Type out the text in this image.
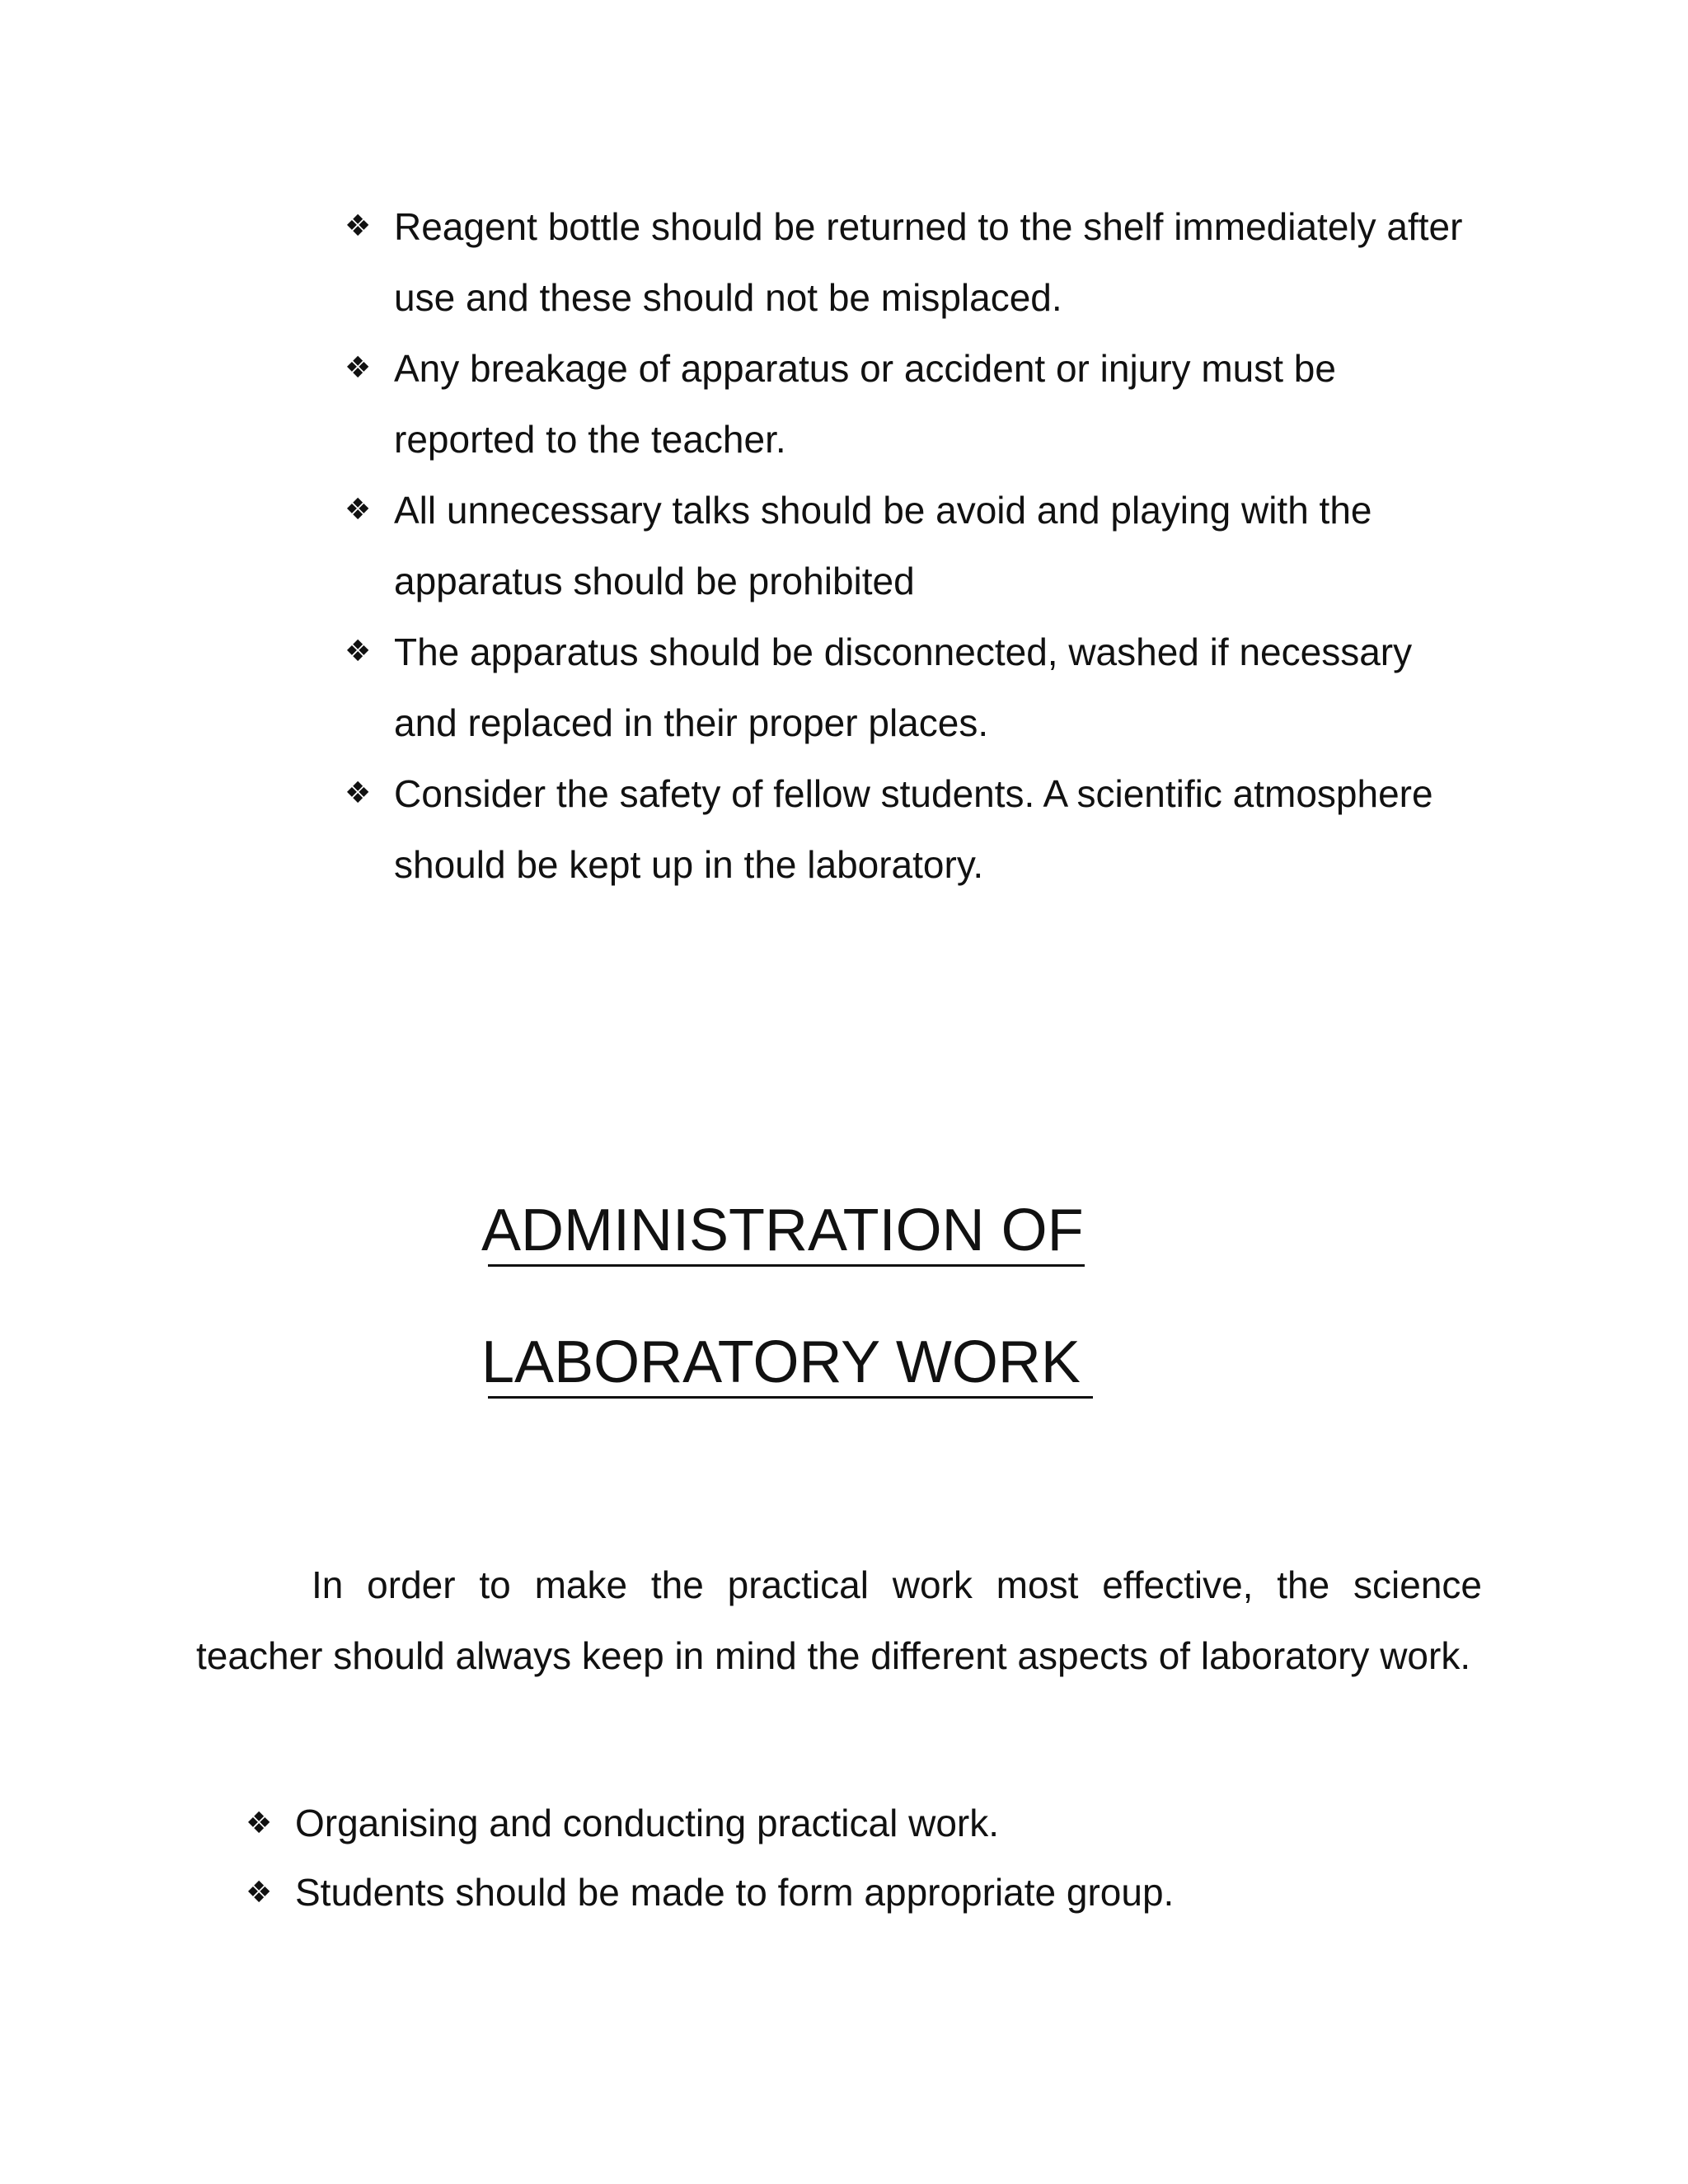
❖ Reagent bottle should be returned to the shelf immediately after use and these should not be misplaced.
❖ Any breakage of apparatus or accident or injury must be reported to the teacher.
❖ All unnecessary talks should be avoid and playing with the apparatus should be prohibited
❖ The apparatus should be disconnected, washed if necessary and replaced in their proper places.
❖ Consider the safety of fellow students. A scientific atmosphere should be kept up in the laboratory.
ADMINISTRATION OF
LABORATORY WORK

In order to make the practical work most effective, the science teacher should always keep in mind the different aspects of laboratory work.

❖ Organising and conducting practical work.
❖ Students should be made to form appropriate group.
